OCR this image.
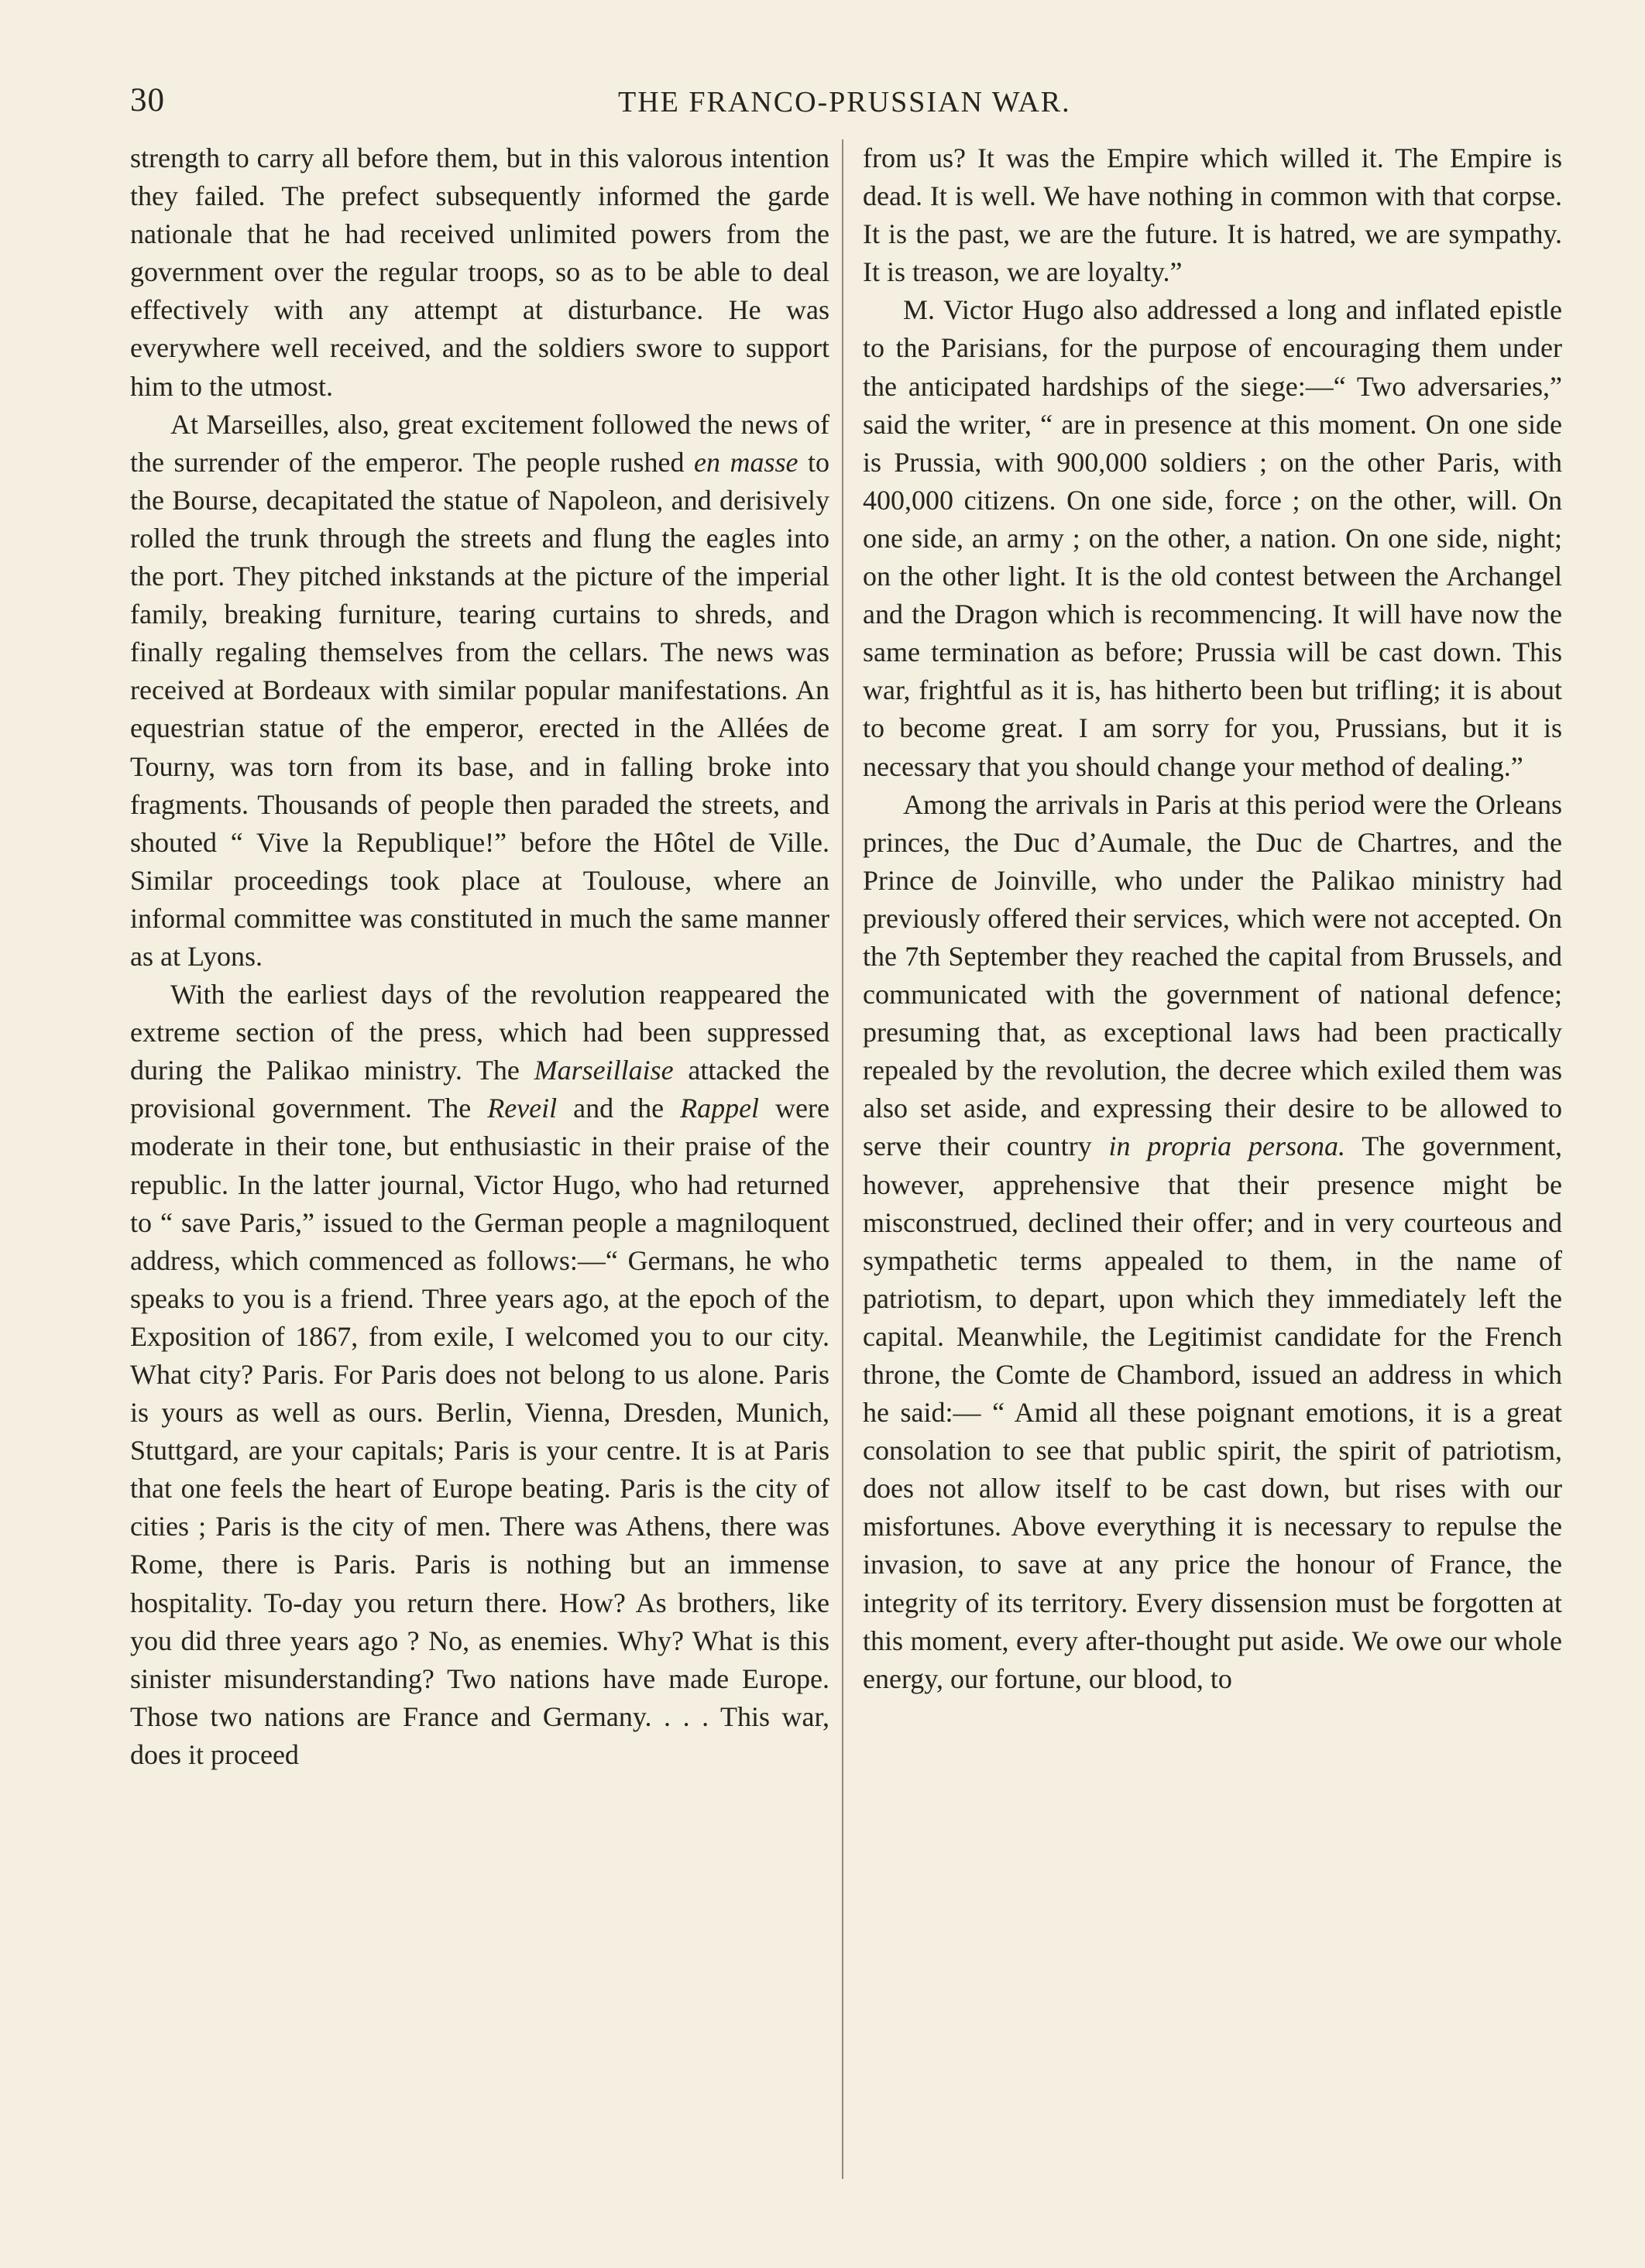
30	THE FRANCO-PRUSSIAN WAR.

strength to carry all before them, but in this valorous intention they failed. The prefect subsequently informed the garde nationale that he had received unlimited powers from the government over the regular troops, so as to be able to deal effectively with any attempt at disturbance. He was everywhere well received, and the soldiers swore to support him to the utmost.

At Marseilles, also, great excitement followed the news of the surrender of the emperor. The people rushed en masse to the Bourse, decapitated the statue of Napoleon, and derisively rolled the trunk through the streets and flung the eagles into the port. They pitched inkstands at the picture of the imperial family, breaking furniture, tearing curtains to shreds, and finally regaling themselves from the cellars. The news was received at Bordeaux with similar popular manifestations. An equestrian statue of the emperor, erected in the Allées de Tourny, was torn from its base, and in falling broke into fragments. Thousands of people then paraded the streets, and shouted “ Vive la Republique!” before the Hôtel de Ville. Similar proceedings took place at Toulouse, where an informal committee was constituted in much the same manner as at Lyons.

With the earliest days of the revolution reappeared the extreme section of the press, which had been suppressed during the Palikao ministry. The Marseillaise attacked the provisional government. The Reveil and the Rappel were moderate in their tone, but enthusiastic in their praise of the republic. In the latter journal, Victor Hugo, who had returned to “ save Paris,” issued to the German people a magniloquent address, which commenced as follows:—“ Germans, he who speaks to you is a friend. Three years ago, at the epoch of the Exposition of 1867, from exile, I welcomed you to our city. What city? Paris. For Paris does not belong to us alone. Paris is yours as well as ours. Berlin, Vienna, Dresden, Munich, Stuttgard, are your capitals; Paris is your centre. It is at Paris that one feels the heart of Europe beating. Paris is the city of cities ; Paris is the city of men. There was Athens, there was Rome, there is Paris. Paris is nothing but an immense hospitality. To-day you return there. How? As brothers, like you did three years ago ? No, as enemies. Why? What is this sinister misunderstanding? Two nations have made Europe. Those two nations are France and Germany. . . . This war, does it proceed

from us? It was the Empire which willed it. The Empire is dead. It is well. We have nothing in common with that corpse. It is the past, we are the future. It is hatred, we are sympathy. It is treason, we are loyalty.”

M. Victor Hugo also addressed a long and inflated epistle to the Parisians, for the purpose of encouraging them under the anticipated hardships of the siege:—“ Two adversaries,” said the writer, “ are in presence at this moment. On one side is Prussia, with 900,000 soldiers ; on the other Paris, with 400,000 citizens. On one side, force ; on the other, will. On one side, an army ; on the other, a nation. On one side, night; on the other light. It is the old contest between the Archangel and the Dragon which is recommencing. It will have now the same termination as before; Prussia will be cast down. This war, frightful as it is, has hitherto been but trifling; it is about to become great. I am sorry for you, Prussians, but it is necessary that you should change your method of dealing.”

Among the arrivals in Paris at this period were the Orleans princes, the Duc d’Aumale, the Duc de Chartres, and the Prince de Joinville, who under the Palikao ministry had previously offered their services, which were not accepted. On the 7th September they reached the capital from Brussels, and communicated with the government of national defence; presuming that, as exceptional laws had been practically repealed by the revolution, the decree which exiled them was also set aside, and expressing their desire to be allowed to serve their country in propria persona. The government, however, apprehensive that their presence might be misconstrued, declined their offer; and in very courteous and sympathetic terms appealed to them, in the name of patriotism, to depart, upon which they immediately left the capital. Meanwhile, the Legitimist candidate for the French throne, the Comte de Chambord, issued an address in which he said:— “ Amid all these poignant emotions, it is a great consolation to see that public spirit, the spirit of patriotism, does not allow itself to be cast down, but rises with our misfortunes. Above everything it is necessary to repulse the invasion, to save at any price the honour of France, the integrity of its territory. Every dissension must be forgotten at this moment, every after-thought put aside. We owe our whole energy, our fortune, our blood, to
